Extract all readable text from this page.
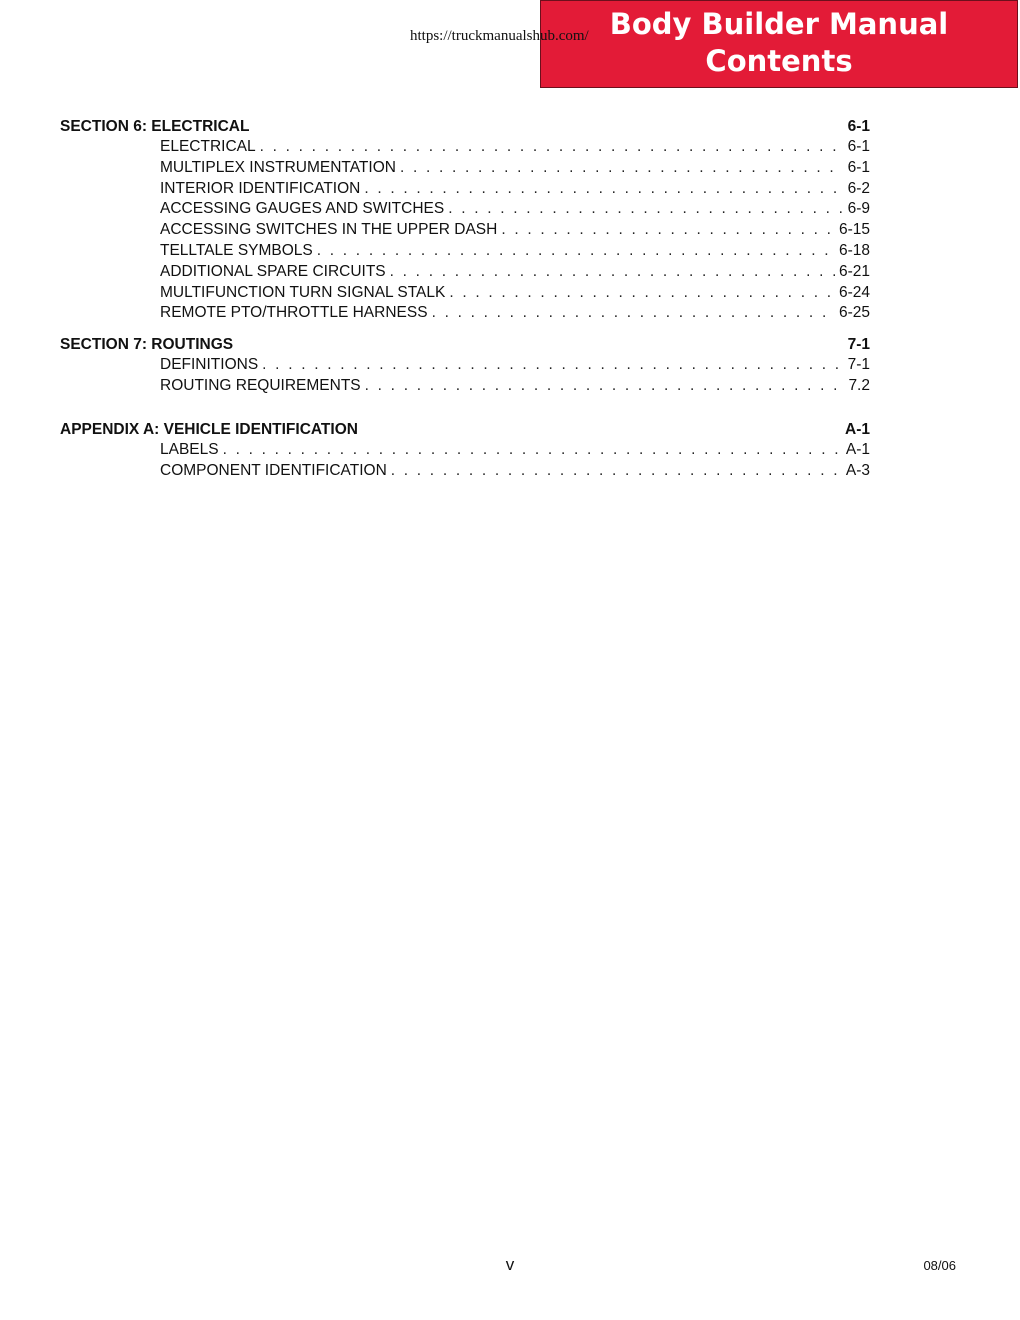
Body Builder Manual
Contents
https://truckmanualshub.com/
SECTION 6: ELECTRICAL	6-1
ELECTRICAL . . .	6-1
MULTIPLEX INSTRUMENTATION . . .	6-1
INTERIOR IDENTIFICATION . . .	6-2
ACCESSING GAUGES AND SWITCHES . . .	6-9
ACCESSING SWITCHES IN THE UPPER DASH . . .	6-15
TELLTALE SYMBOLS . . .	6-18
ADDITIONAL SPARE CIRCUITS . . .	6-21
MULTIFUNCTION TURN SIGNAL STALK . . .	6-24
REMOTE PTO/THROTTLE HARNESS . . .	6-25
SECTION 7: ROUTINGS	7-1
DEFINITIONS . . .	7-1
ROUTING REQUIREMENTS . . .	7.2
APPENDIX A: VEHICLE IDENTIFICATION	A-1
LABELS . . .	A-1
COMPONENT IDENTIFICATION . . .	A-3
v	08/06
